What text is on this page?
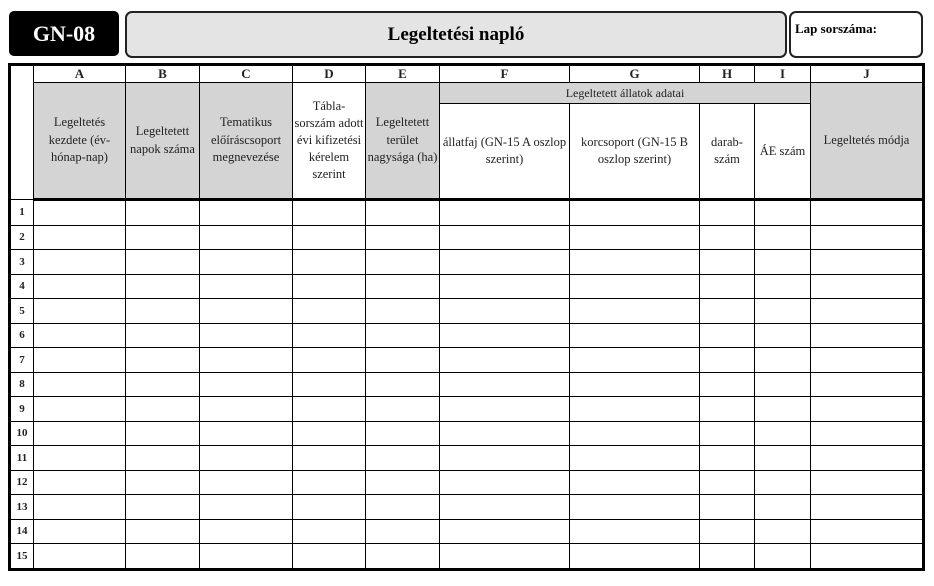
GN-08	Legeltetési napló	Lap sorszáma:
	A	B	C	D	E	F	G	H	I	J
	Legeltetés kezdete (év-hónap-nap)	Legeltetett napok száma	Tematikus előíráscsoport megnevezése	Tábla-sorszám adott évi kifizetési kérelem szerint	Legeltetett terület nagysága (ha)	Legeltetett állatok adatai				Legeltetés módja
						állatfaj (GN-15 A oszlop szerint)	korcsoport (GN-15 B oszlop szerint)	darab-szám	ÁE szám	
1										
2										
3										
4										
5										
6										
7										
8										
9										
10										
11										
12										
13										
14										
15										
